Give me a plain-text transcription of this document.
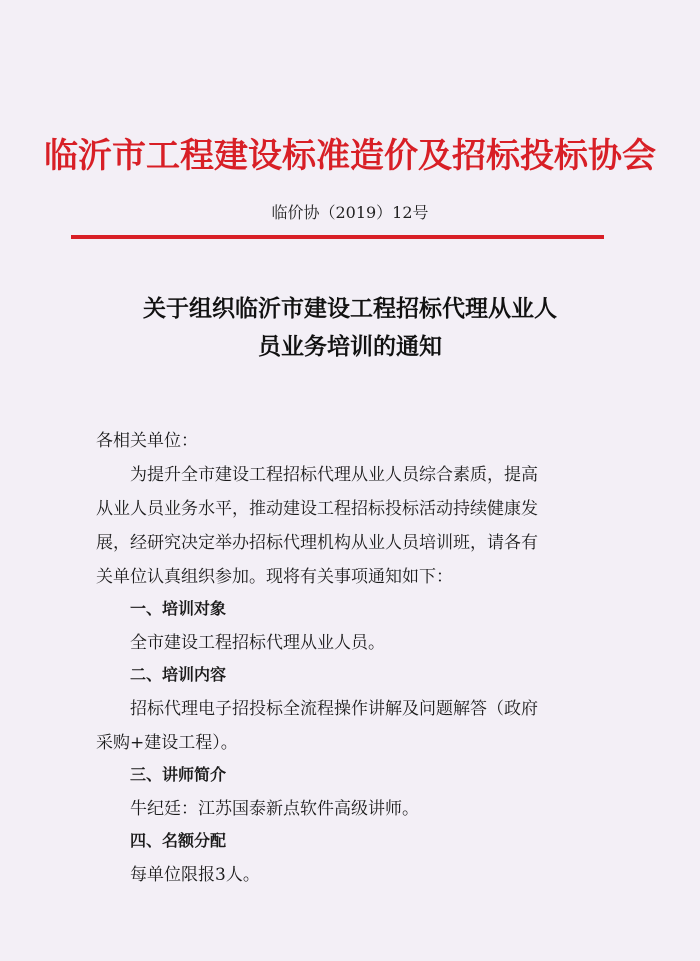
临沂市工程建设标准造价及招标投标协会
临价协（2019）12号
关于组织临沂市建设工程招标代理从业人
员业务培训的通知
各相关单位：
为提升全市建设工程招标代理从业人员综合素质，提高
从业人员业务水平，推动建设工程招标投标活动持续健康发
展，经研究决定举办招标代理机构从业人员培训班，请各有
关单位认真组织参加。现将有关事项通知如下：
一、培训对象
全市建设工程招标代理从业人员。
二、培训内容
招标代理电子招投标全流程操作讲解及问题解答（政府
采购+建设工程）。
三、讲师简介
牛纪廷：江苏国泰新点软件高级讲师。
四、名额分配
每单位限报3人。
